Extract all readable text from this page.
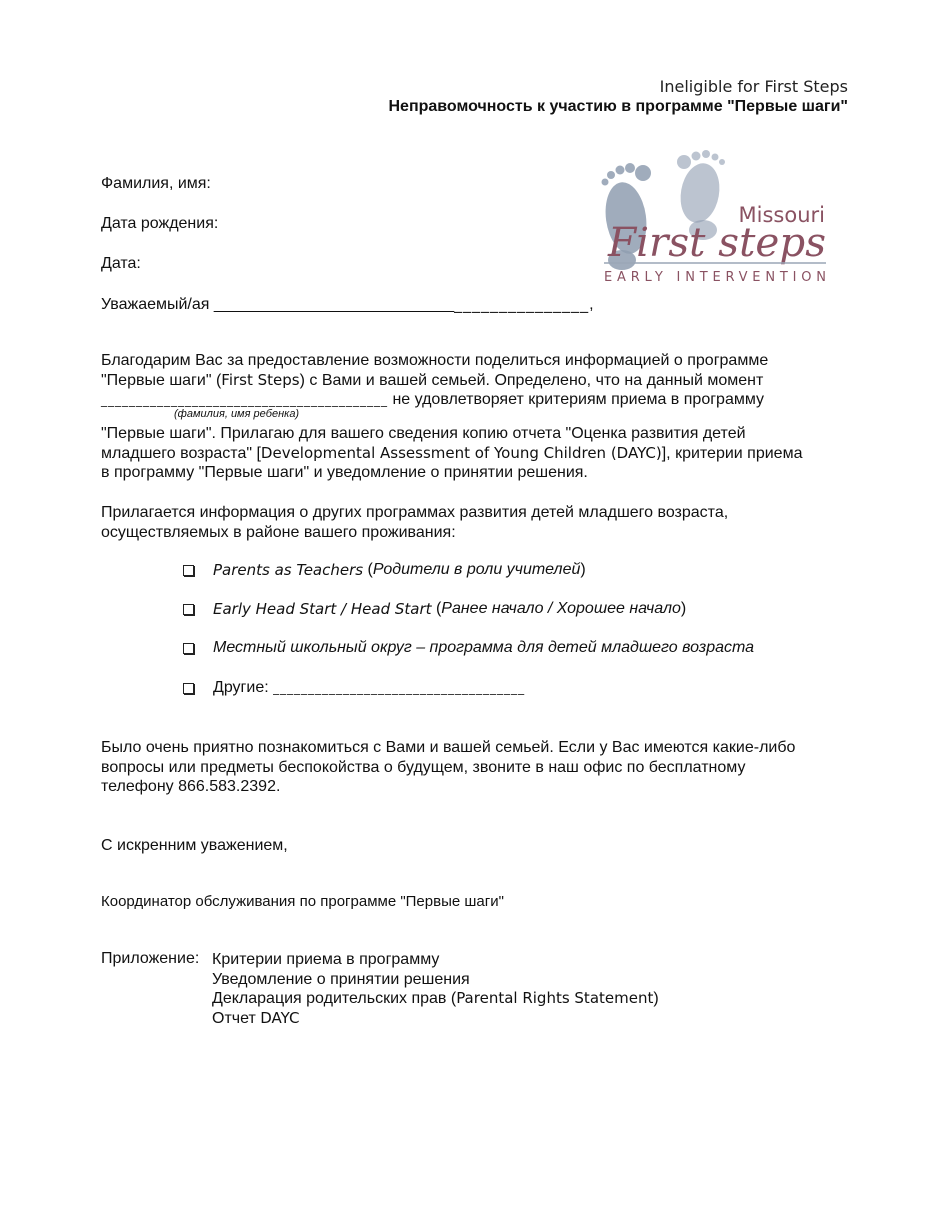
Ineligible for First Steps
Неправомочность к участию в программе "Первые шаги"
Missouri
First steps
EARLY INTERVENTION
Фамилия, имя:
Дата рождения:
Дата:
Уважаемый/ая __________________________________________,
Благодарим Вас за предоставление возможности поделиться информацией о программе
"Первые шаги" (First Steps) с Вами и вашей семьей. Определено, что на данный момент
_________________________________________ не удовлетворяет критериям приема в программу
(фамилия, имя ребенка)
"Первые шаги". Прилагаю для вашего сведения копию отчета "Оценка развития детей
младшего возраста" [Developmental Assessment of Young Children (DAYC)], критерии приема
в программу "Первые шаги" и уведомление о принятии решения.
Прилагается информация о других программах развития детей младшего возраста,
осуществляемых в районе вашего проживания:
Parents as Teachers ( Родители в роли учителей )
Early Head Start / Head Start ( Ранее начало / Хорошее начало )
Местный школьный округ – программа для детей младшего возраста
Другие:
____________________________________
Было очень приятно познакомиться с Вами и вашей семьей. Если у Вас имеются какие-либо
вопросы или предметы беспокойства о будущем, звоните в наш офис по бесплатному
телефону 866.583.2392.
С искренним уважением,
Координатор обслуживания по программе "Первые шаги"
Приложение: Критерии приема в программу
Уведомление о принятии решения
Декларация родительских прав (Parental Rights Statement)
Отчет DAYC
